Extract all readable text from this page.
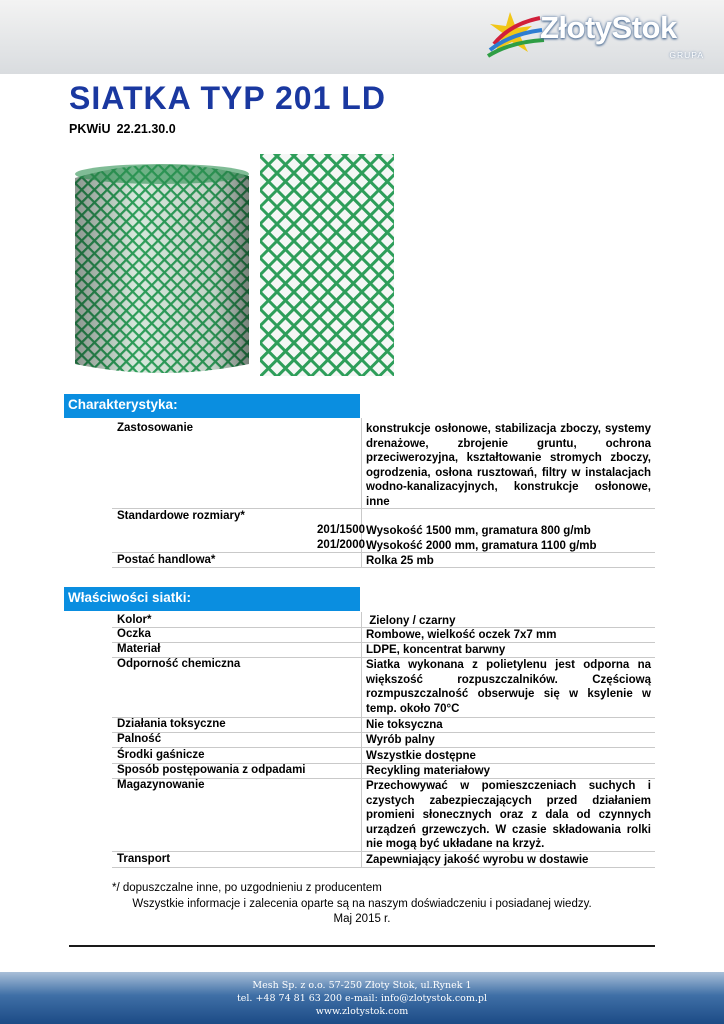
ZłotyStok
GRUPA
SIATKA TYP 201 LD
PKWiU 22.21.30.0
Charakterystyka:
Zastosowanie	konstrukcje osłonowe, stabilizacja zboczy, systemy drenażowe, zbrojenie gruntu, ochrona przeciwerozyjna, kształtowanie stromych zboczy, ogrodzenia, osłona rusztowań, filtry w instalacjach wodno-kanalizacyjnych, konstrukcje osłonowe, inne
Standardowe rozmiary*
201/1500 Wysokość 1500 mm, gramatura 800 g/mb
201/2000 Wysokość 2000 mm, gramatura 1100 g/mb
Postać handlowa*	Rolka 25 mb
Właściwości siatki:
Kolor*	Zielony / czarny
Oczka	Rombowe, wielkość oczek 7x7 mm
Materiał	LDPE, koncentrat barwny
Odporność chemiczna	Siatka wykonana z polietylenu jest odporna na większość rozpuszczalników. Częściową rozmpuszczalność obserwuje się w ksylenie w temp. około 70°C
Działania toksyczne	Nie toksyczna
Palność	Wyrób palny
Środki gaśnicze	Wszystkie dostępne
Sposób postępowania z odpadami	Recykling materiałowy
Magazynowanie	Przechowywać w pomieszczeniach suchych i czystych zabezpieczających przed działaniem promieni słonecznych oraz z dala od czynnych urządzeń grzewczych. W czasie składowania rolki nie mogą być układane na krzyż.
Transport	Zapewniający jakość wyrobu w dostawie
*/ dopuszczalne inne, po uzgodnieniu z producentem
Wszystkie informacje i zalecenia oparte są na naszym doświadczeniu i posiadanej wiedzy.
Maj 2015 r.
Mesh Sp. z o.o. 57-250 Złoty Stok, ul.Rynek 1
tel. +48 74 81 63 200 e-mail: info@zlotystok.com.pl
www.zlotystok.com
